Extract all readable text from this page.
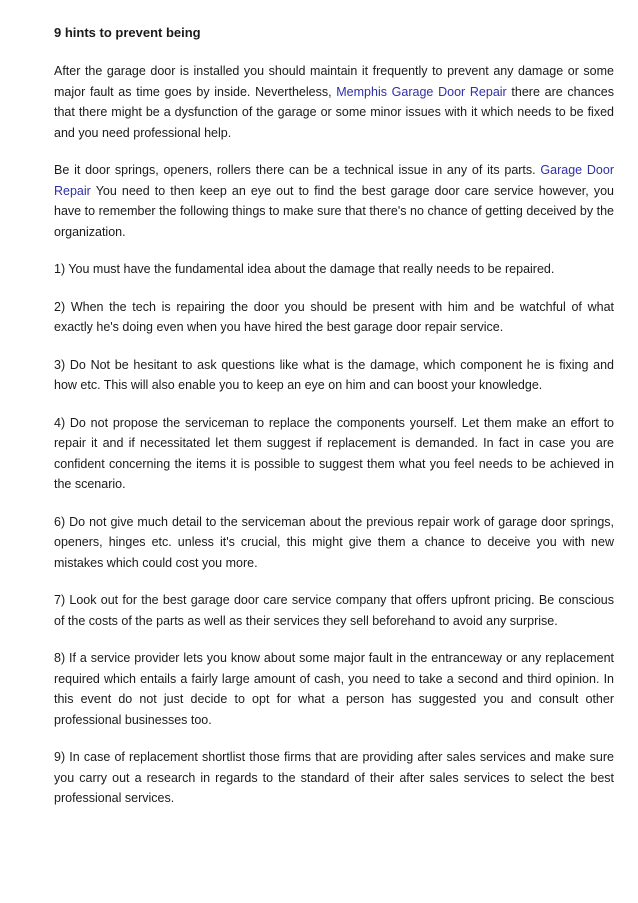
9 hints to prevent being

After the garage door is installed you should maintain it frequently to prevent any damage or some major fault as time goes by inside. Nevertheless, Memphis Garage Door Repair there are chances that there might be a dysfunction of the garage or some minor issues with it which needs to be fixed and you need professional help.

Be it door springs, openers, rollers there can be a technical issue in any of its parts. Garage Door Repair You need to then keep an eye out to find the best garage door care service however, you have to remember the following things to make sure that there's no chance of getting deceived by the organization.

1) You must have the fundamental idea about the damage that really needs to be repaired.

2) When the tech is repairing the door you should be present with him and be watchful of what exactly he's doing even when you have hired the best garage door repair service.

3) Do Not be hesitant to ask questions like what is the damage, which component he is fixing and how etc. This will also enable you to keep an eye on him and can boost your knowledge.

4) Do not propose the serviceman to replace the components yourself. Let them make an effort to repair it and if necessitated let them suggest if replacement is demanded. In fact in case you are confident concerning the items it is possible to suggest them what you feel needs to be achieved in the scenario.

6) Do not give much detail to the serviceman about the previous repair work of garage door springs, openers, hinges etc. unless it's crucial, this might give them a chance to deceive you with new mistakes which could cost you more.

7) Look out for the best garage door care service company that offers upfront pricing. Be conscious of the costs of the parts as well as their services they sell beforehand to avoid any surprise.

8) If a service provider lets you know about some major fault in the entranceway or any replacement required which entails a fairly large amount of cash, you need to take a second and third opinion. In this event do not just decide to opt for what a person has suggested you and consult other professional businesses too.

9) In case of replacement shortlist those firms that are providing after sales services and make sure you carry out a research in regards to the standard of their after sales services to select the best professional services.
